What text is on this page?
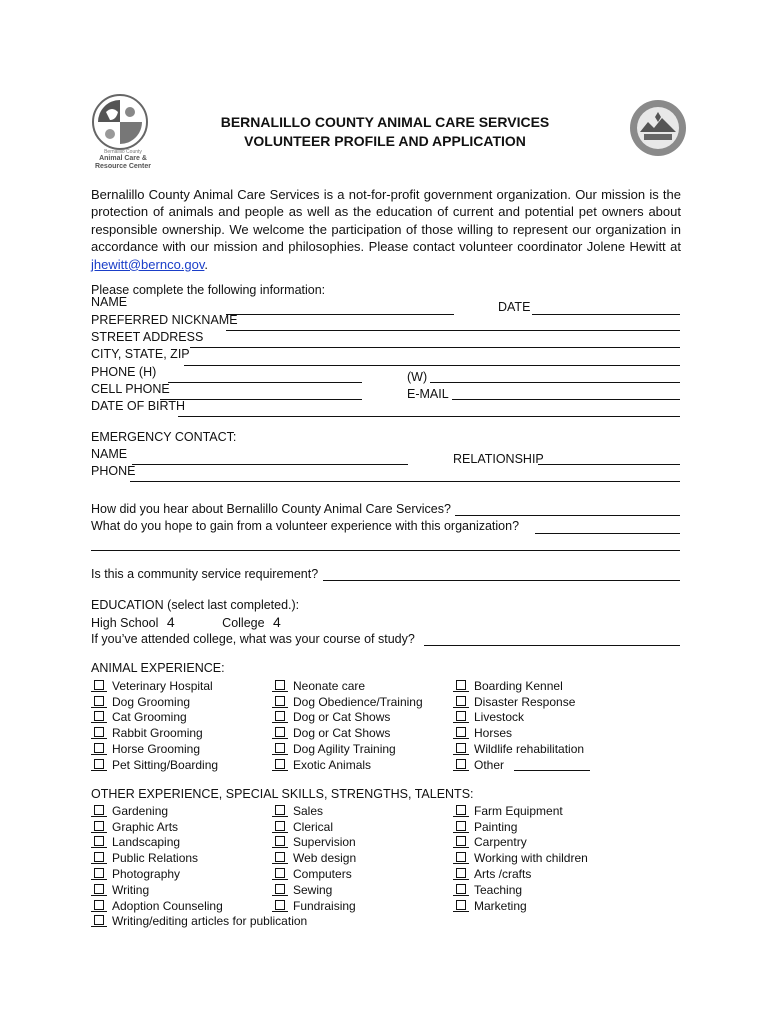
Bernalillo County
Animal Care &
Resource Center
BERNALILLO COUNTY ANIMAL CARE SERVICES
VOLUNTEER PROFILE AND APPLICATION
Bernalillo County Animal Care Services is a not-for-profit government organization. Our mission is the protection of animals and people as well as the education of current and potential pet owners about responsible ownership. We welcome the participation of those willing to represent our organization in accordance with our mission and philosophies. Please contact volunteer coordinator Jolene Hewitt at jhewitt@bernco.gov.
Please complete the following information:
NAME	DATE
PREFERRED NICKNAME
STREET ADDRESS
CITY, STATE, ZIP
PHONE (H)	(W)
CELL PHONE	E-MAIL
DATE OF BIRTH
EMERGENCY CONTACT:
NAME	RELATIONSHIP
PHONE
How did you hear about Bernalillo County Animal Care Services?
What do you hope to gain from a volunteer experience with this organization?
Is this a community service requirement?
EDUCATION (select last completed.):
High School 4	College 4
If you’ve attended college, what was your course of study?
ANIMAL EXPERIENCE:
Veterinary Hospital
Dog Grooming
Cat Grooming
Rabbit Grooming
Horse Grooming
Pet Sitting/Boarding
Neonate care
Dog Obedience/Training
Dog or Cat Shows
Dog or Cat Shows
Dog Agility Training
Exotic Animals
Boarding Kennel
Disaster Response
Livestock
Horses
Wildlife rehabilitation
Other
OTHER EXPERIENCE, SPECIAL SKILLS, STRENGTHS, TALENTS:
Gardening
Graphic Arts
Landscaping
Public Relations
Photography
Writing
Adoption Counseling
Writing/editing articles for publication
Sales
Clerical
Supervision
Web design
Computers
Sewing
Fundraising
Farm Equipment
Painting
Carpentry
Working with children
Arts /crafts
Teaching
Marketing
